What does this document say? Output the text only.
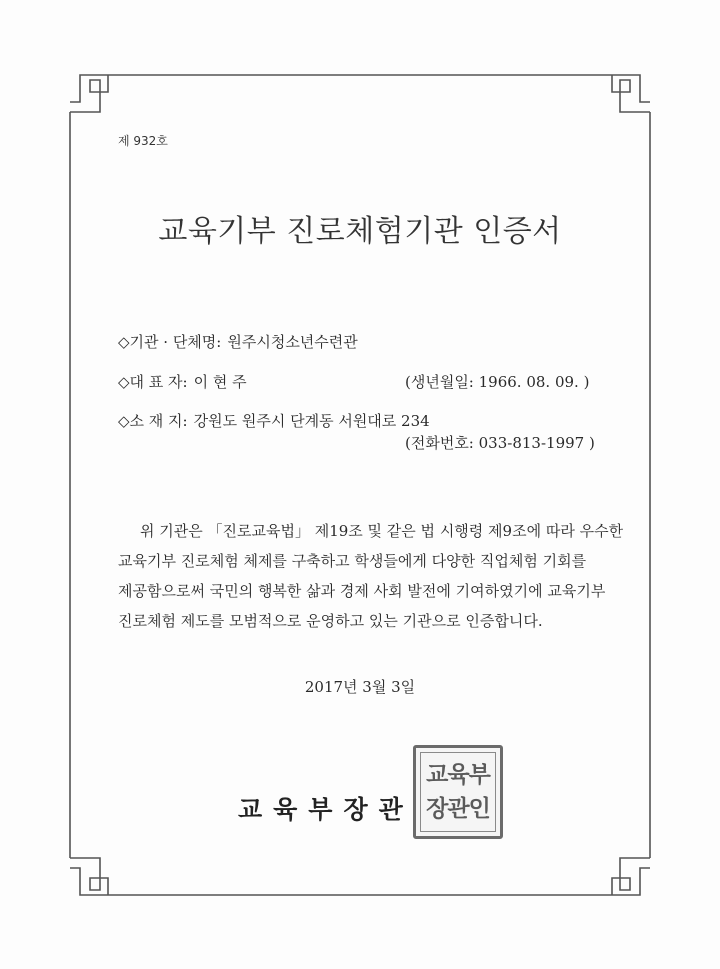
제 932호
교육기부 진로체험기관 인증서
◇기관 · 단체명: 원주시청소년수련관
◇대 표 자: 이 현 주	(생년월일: 1966. 08. 09. )
◇소 재 지: 강원도 원주시 단계동 서원대로 234
(전화번호: 033-813-1997 )
위 기관은 「진로교육법」 제19조 및 같은 법 시행령 제9조에 따라 우수한
교육기부 진로체험 체제를 구축하고 학생들에게 다양한 직업체험 기회를
제공함으로써 국민의 행복한 삶과 경제 사회 발전에 기여하였기에 교육기부
진로체험 제도를 모범적으로 운영하고 있는 기관으로 인증합니다.
2017년 3월 3일
교육부장관
교육부
장관인
